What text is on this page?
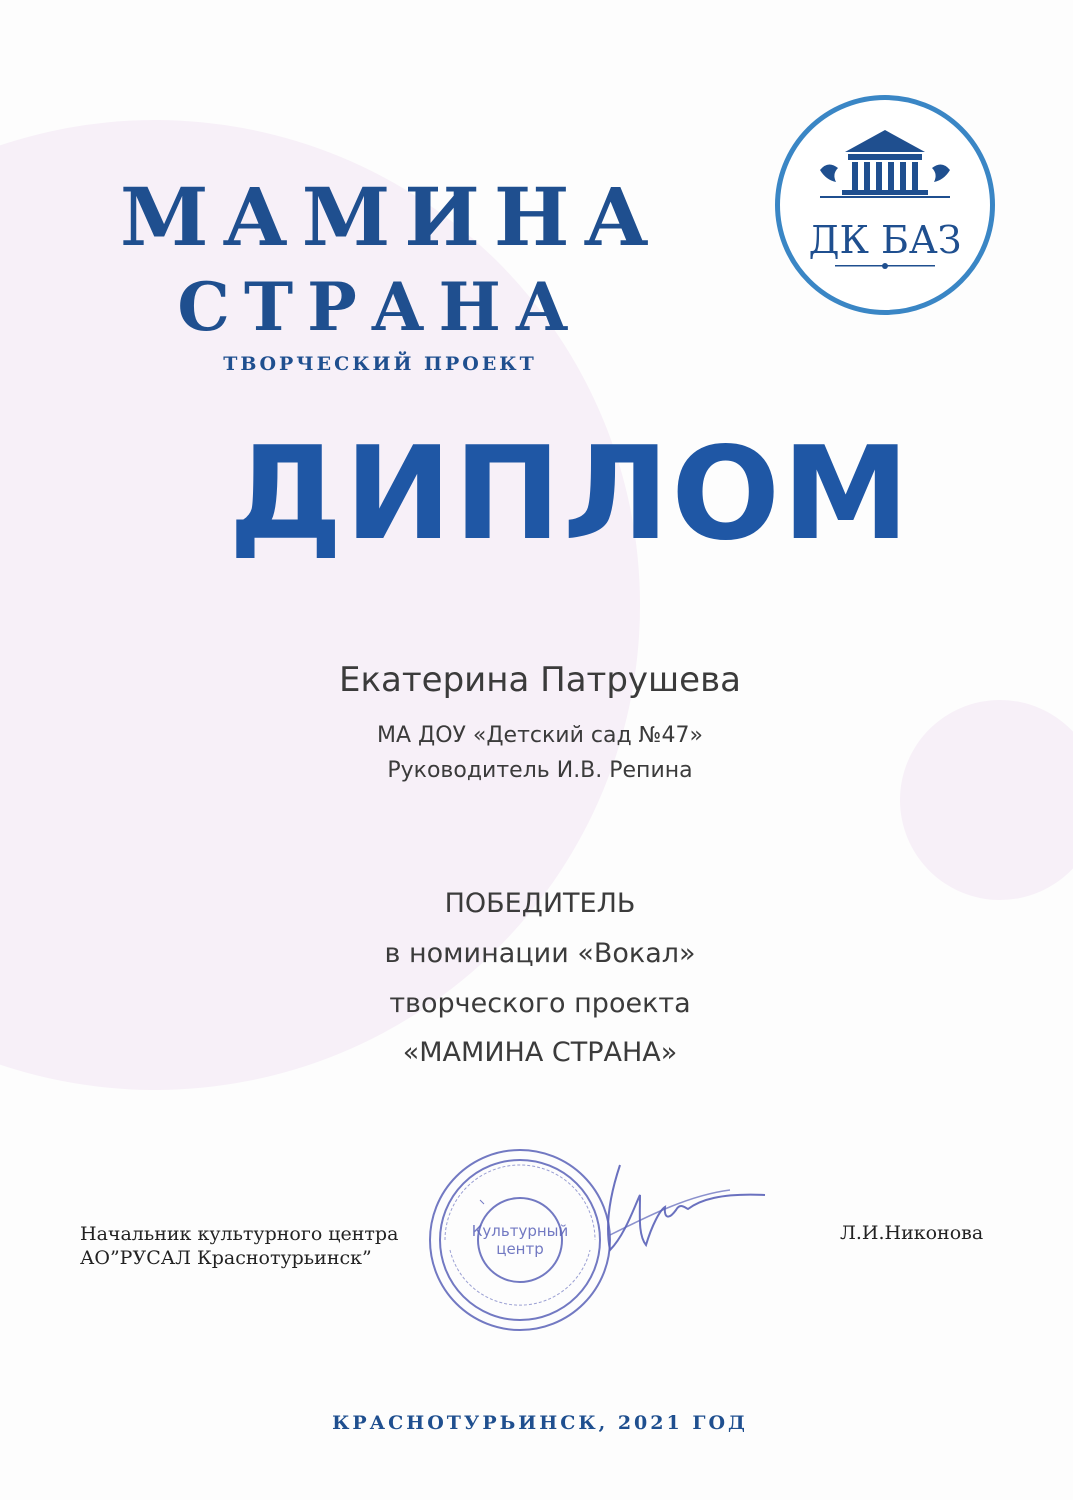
МАМИНА
СТРАНА
ТВОРЧЕСКИЙ ПРОЕКТ
ДК БАЗ
ДИПЛОМ
Екатерина Патрушева
МА ДОУ «Детский сад №47»
Руководитель И.В. Репина
ПОБЕДИТЕЛЬ
в номинации «Вокал»
творческого проекта
«МАМИНА СТРАНА»
Начальник культурного центра
АО”РУСАЛ Краснотурьинск”
Культурный
центр
Л.И.Никонова
КРАСНОТУРЬИНСК, 2021 ГОД
